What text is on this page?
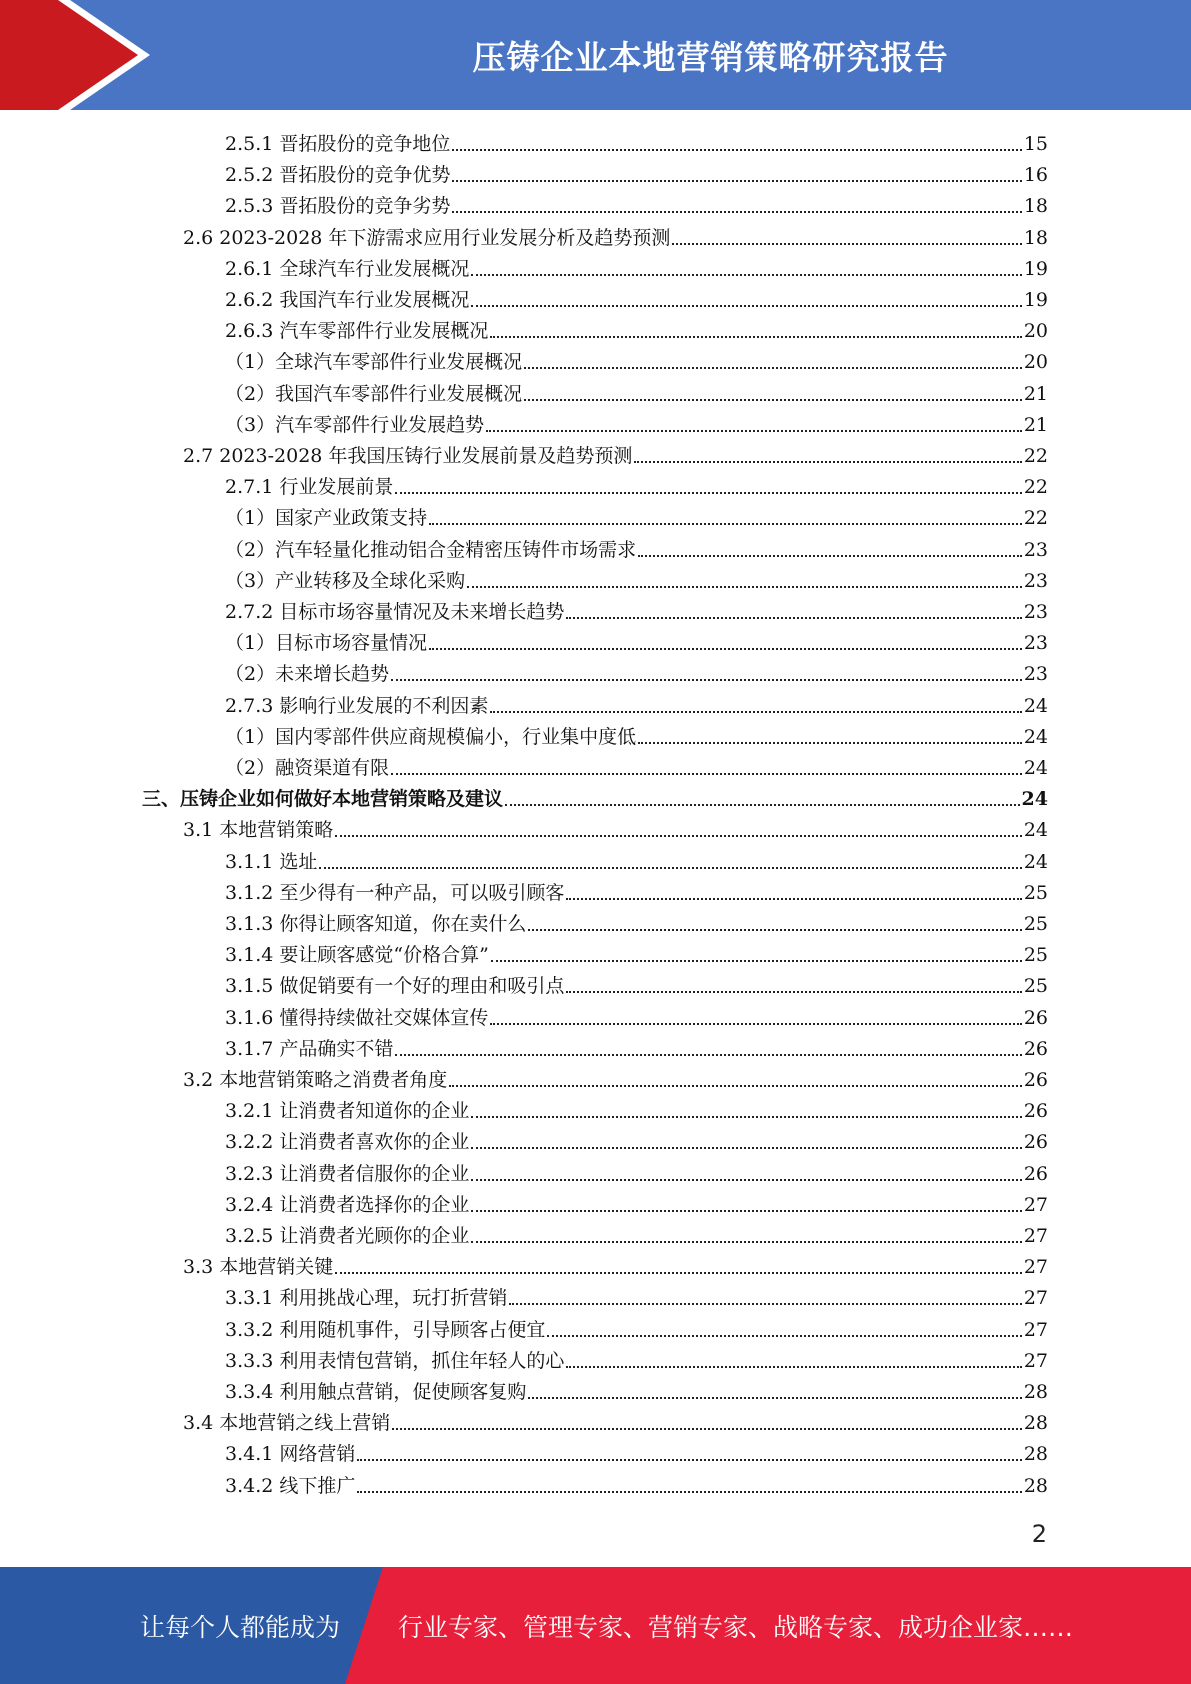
压铸企业本地营销策略研究报告
2.5.1 晋拓股份的竞争地位	15
2.5.2 晋拓股份的竞争优势	16
2.5.3 晋拓股份的竞争劣势	18
2.6 2023-2028 年下游需求应用行业发展分析及趋势预测	18
2.6.1 全球汽车行业发展概况	19
2.6.2 我国汽车行业发展概况	19
2.6.3 汽车零部件行业发展概况	20
（1）全球汽车零部件行业发展概况	20
（2）我国汽车零部件行业发展概况	21
（3）汽车零部件行业发展趋势	21
2.7 2023-2028 年我国压铸行业发展前景及趋势预测	22
2.7.1 行业发展前景	22
（1）国家产业政策支持	22
（2）汽车轻量化推动铝合金精密压铸件市场需求	23
（3）产业转移及全球化采购	23
2.7.2 目标市场容量情况及未来增长趋势	23
（1）目标市场容量情况	23
（2）未来增长趋势	23
2.7.3 影响行业发展的不利因素	24
（1）国内零部件供应商规模偏小，行业集中度低	24
（2）融资渠道有限	24
三、压铸企业如何做好本地营销策略及建议	24
3.1 本地营销策略	24
3.1.1 选址	24
3.1.2 至少得有一种产品，可以吸引顾客	25
3.1.3 你得让顾客知道，你在卖什么	25
3.1.4 要让顾客感觉“价格合算”	25
3.1.5 做促销要有一个好的理由和吸引点	25
3.1.6 懂得持续做社交媒体宣传	26
3.1.7 产品确实不错	26
3.2 本地营销策略之消费者角度	26
3.2.1 让消费者知道你的企业	26
3.2.2 让消费者喜欢你的企业	26
3.2.3 让消费者信服你的企业	26
3.2.4 让消费者选择你的企业	27
3.2.5 让消费者光顾你的企业	27
3.3 本地营销关键	27
3.3.1 利用挑战心理，玩打折营销	27
3.3.2 利用随机事件，引导顾客占便宜	27
3.3.3 利用表情包营销，抓住年轻人的心	27
3.3.4 利用触点营销，促使顾客复购	28
3.4 本地营销之线上营销	28
3.4.1 网络营销	28
3.4.2 线下推广	28
2
让每个人都能成为 行业专家、管理专家、营销专家、战略专家、成功企业家……
